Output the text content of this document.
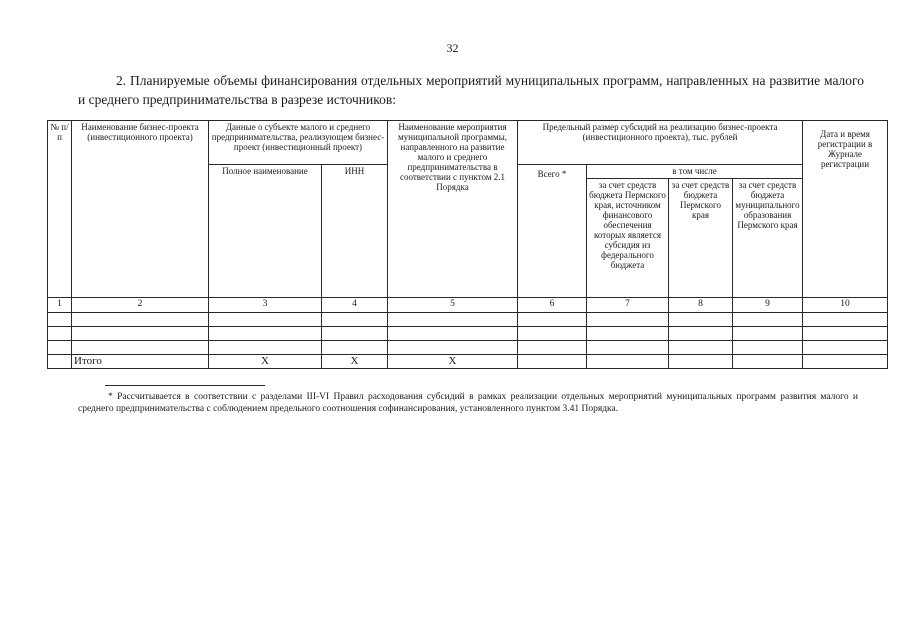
32
2. Планируемые объемы финансирования отдельных мероприятий муниципальных программ, направленных на развитие малого и среднего предпринимательства в разрезе источников:
№ п/п	Наименование бизнес-проекта (инвестиционного проекта)	Данные о субъекте малого и среднего предпринимательства, реализующем бизнес-проект (инвестиционный проект)		Наименование мероприятия муниципальной программы, направленного на развитие малого и среднего предпринимательства в соответствии с пунктом 2.1 Порядка	Предельный размер субсидий на реализацию бизнес-проекта (инвестиционного проекта), тыс. рублей				Дата и время регистрации в Журнале регистрации
		Полное наименование	ИНН		Всего *	в том числе			
						за счет средств бюджета Пермского края, источником финансового обеспечения которых является субсидия из федерального бюджета	за счет средств бюджета Пермского края	за счет средств бюджета муниципального образования Пермского края	
1	2	3	4	5	6	7	8	9	10

	Итого	X	X	X					
* Рассчитывается в соответствии с разделами III-VI Правил расходования субсидий в рамках реализации отдельных мероприятий муниципальных программ развития малого и среднего предпринимательства с соблюдением предельного соотношения софинансирования, установленного пунктом 3.41 Порядка.
